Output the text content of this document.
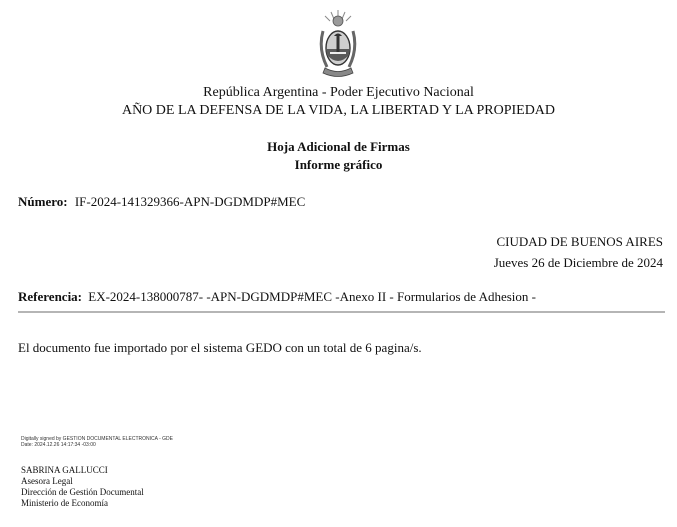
República Argentina - Poder Ejecutivo Nacional
AÑO DE LA DEFENSA DE LA VIDA, LA LIBERTAD Y LA PROPIEDAD
Hoja Adicional de Firmas
Informe gráfico
Número: IF-2024-141329366-APN-DGDMDP#MEC
CIUDAD DE BUENOS AIRES
Jueves 26 de Diciembre de 2024
Referencia: EX-2024-138000787- -APN-DGDMDP#MEC -Anexo II - Formularios de Adhesion -
El documento fue importado por el sistema GEDO con un total de 6 pagina/s.
Digitally signed by GESTION DOCUMENTAL ELECTRONICA - GDE
Date: 2024.12.26 14:17:34 -03:00
SABRINA GALLUCCI
Asesora Legal
Dirección de Gestión Documental
Ministerio de Economía
